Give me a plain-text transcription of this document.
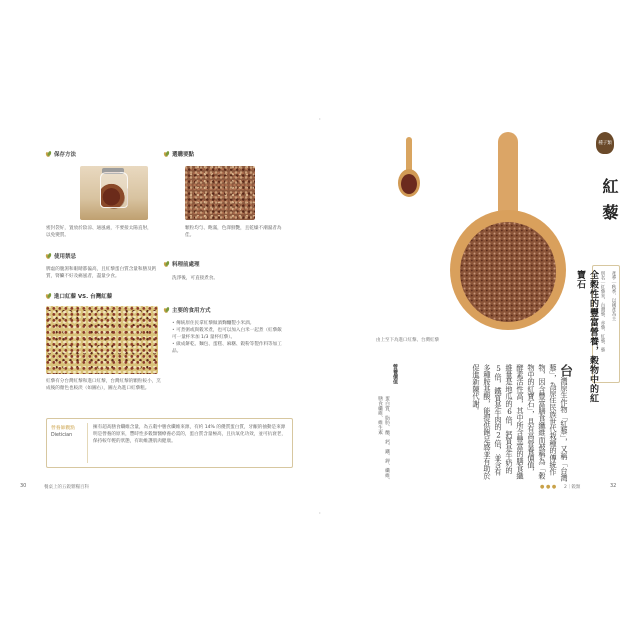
保存方法
密封袋好，置放於陰涼、通風處，不要接太陽直射，以免變質。
選購要點
顆粒均勻、飽滿，色澤鮮艷，且乾燥不潮濕者為佳。
使用禁忌
脾虛的腹瀉和眼睛都偏高，且紅藜蛋白質含量和膳及鈣質，腎臟不好及痛風者，盡量少食。
料理前處理
洗淨後，可直接煮食。
進口紅藜 VS. 台灣紅藜
紅藜有分台灣紅藜和進口紅藜，台灣紅藜的顆粒較小，烹成後的顏色也較淡（如圖右），圖左為進口紅藜粗。
主要的食用方式
• 傳統原住民拿紅藜做酒麴釀製小米酒。
• 可煮粥或與穀米煮，也可以加入白米一起煮（紅藜飯可一量杯米加 1/3 量杯紅藜）。
• 做成餅乾、麵包、蛋糕、麻糬、穀粉等製作料等加工品。
營養師觀點
Dietician
擁有超高膳食纖維含量，為五穀中膳食纖維來源，有約 14% 的優質蛋白質，牙齦的抽動是來源明是營養的原來，豐時性多穀類醫療養必需的，蛋白質含量極高，且抗氧化功效，並可抗衰老，保持較年輕的狀態，有助維護肌肉健康。
30	餐桌上的五穀雜糧百科
由上至下為進口紅藜、台灣紅藜
種子類
紅藜
產季｜秋季，以國產為主
別名｜紅藜米、台灣藜、赤藜、紅藜、藜
全穀性的豐富營養，穀物中的紅寶石
台灣原生作物「紅藜」，又稱「台灣藜」，為原住民族世代栽種的傳統作物，因含豐富膳食纖維而被稱為「穀物中的紅寶石」，具有高營養價值，酵素活性高，其中所含豐富的膳食纖維量是地瓜的6倍，鈣質是牛奶的5倍，鐵質是牛肉的2倍，並含有多種胺基酸，能提供飽足感並有助於促進新陳代謝。
營養價值
蛋白質、脂肪、醣、鈣、鐵、鉀、纖維、膳食纖維、維生素
● ● ● 2｜穀類	32
